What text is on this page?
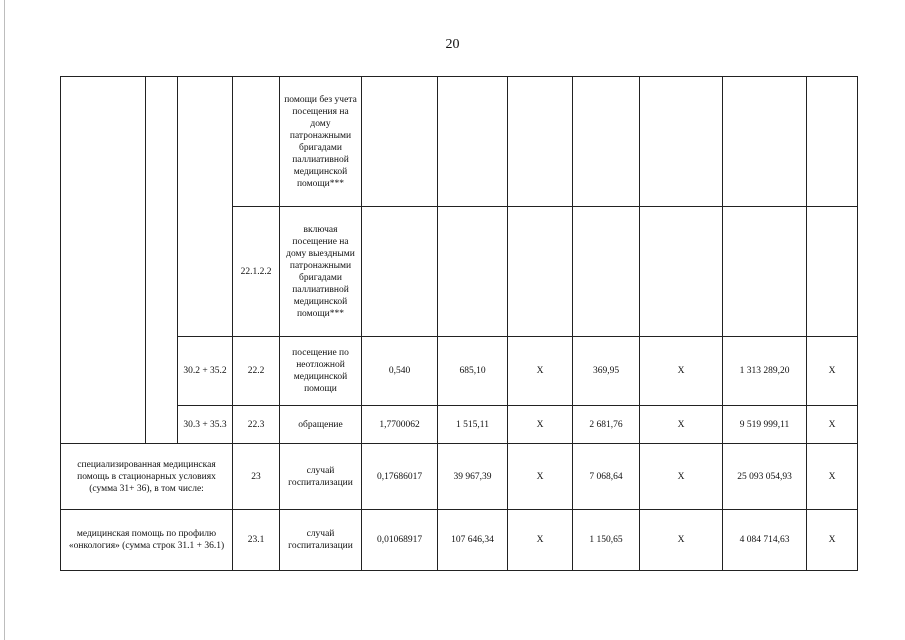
20
				помощи без учета посещения на дому патронажными бригадами паллиативной медицинской помощи***							
			22.1.2.2	включая посещение на дому выездными патронажными бригадами паллиативной медицинской помощи***							
		30.2 + 35.2	22.2	посещение по неотложной медицинской помощи	0,540	685,10	Х	369,95	Х	1 313 289,20	Х
		30.3 + 35.3	22.3	обращение	1,7700062	1 515,11	Х	2 681,76	Х	9 519 999,11	Х
специализированная медицинская помощь в стационарных условиях (сумма 31+ 36), в том числе:			23	случай госпитализации	0,17686017	39 967,39	Х	7 068,64	Х	25 093 054,93	Х
медицинская помощь по профилю «онкология» (сумма строк 31.1 + 36.1)			23.1	случай госпитализации	0,01068917	107 646,34	Х	1 150,65	Х	4 084 714,63	Х
